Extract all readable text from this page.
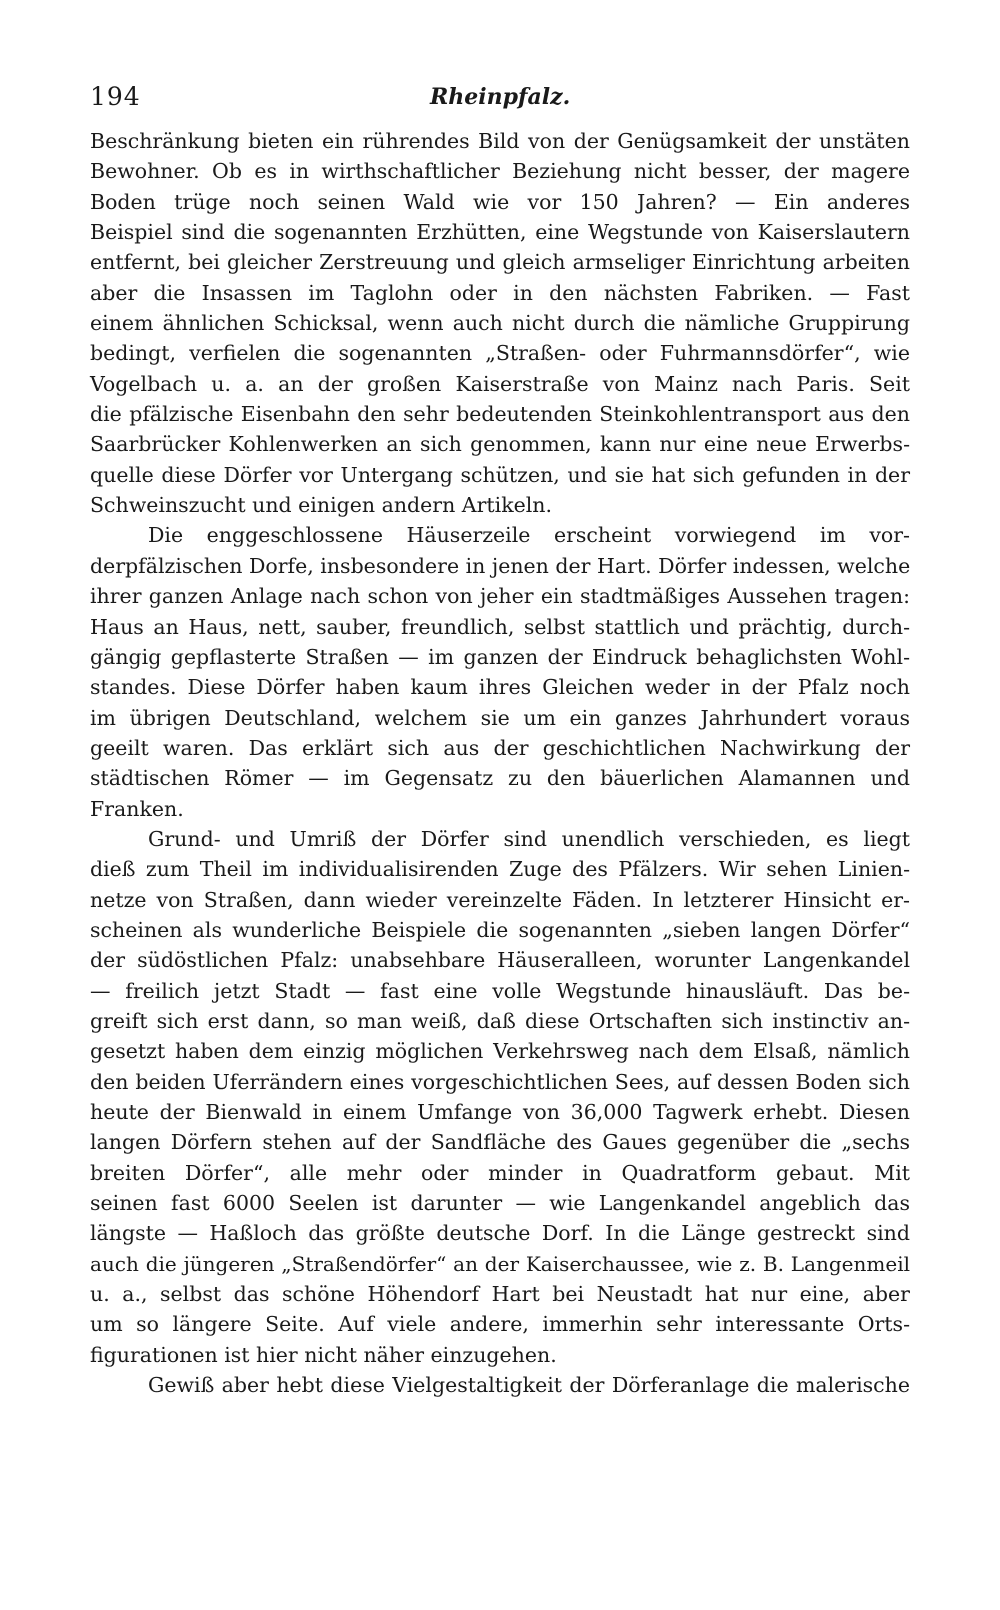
194	Rheinpfalz.
Beschränkung bieten ein rührendes Bild von der Genügsamkeit der unstäten
Bewohner. Ob es in wirthschaftlicher Beziehung nicht besser, der magere
Boden trüge noch seinen Wald wie vor 150 Jahren? — Ein anderes
Beispiel sind die sogenannten Erzhütten, eine Wegstunde von Kaiserslautern
entfernt, bei gleicher Zerstreuung und gleich armseliger Einrichtung arbeiten
aber die Insassen im Taglohn oder in den nächsten Fabriken. — Fast
einem ähnlichen Schicksal, wenn auch nicht durch die nämliche Gruppirung
bedingt, verfielen die sogenannten „Straßen- oder Fuhrmannsdörfer“, wie
Vogelbach u. a. an der großen Kaiserstraße von Mainz nach Paris. Seit
die pfälzische Eisenbahn den sehr bedeutenden Steinkohlentransport aus den
Saarbrücker Kohlenwerken an sich genommen, kann nur eine neue Erwerbs-
quelle diese Dörfer vor Untergang schützen, und sie hat sich gefunden in der
Schweinszucht und einigen andern Artikeln.
Die enggeschlossene Häuserzeile erscheint vorwiegend im vor-
derpfälzischen Dorfe, insbesondere in jenen der Hart. Dörfer indessen, welche
ihrer ganzen Anlage nach schon von jeher ein stadtmäßiges Aussehen tragen:
Haus an Haus, nett, sauber, freundlich, selbst stattlich und prächtig, durch-
gängig gepflasterte Straßen — im ganzen der Eindruck behaglichsten Wohl-
standes. Diese Dörfer haben kaum ihres Gleichen weder in der Pfalz noch
im übrigen Deutschland, welchem sie um ein ganzes Jahrhundert voraus
geeilt waren. Das erklärt sich aus der geschichtlichen Nachwirkung der
städtischen Römer — im Gegensatz zu den bäuerlichen Alamannen und
Franken.
Grund- und Umriß der Dörfer sind unendlich verschieden, es liegt
dieß zum Theil im individualisirenden Zuge des Pfälzers. Wir sehen Linien-
netze von Straßen, dann wieder vereinzelte Fäden. In letzterer Hinsicht er-
scheinen als wunderliche Beispiele die sogenannten „sieben langen Dörfer“
der südöstlichen Pfalz: unabsehbare Häuseralleen, worunter Langenkandel
— freilich jetzt Stadt — fast eine volle Wegstunde hinausläuft. Das be-
greift sich erst dann, so man weiß, daß diese Ortschaften sich instinctiv an-
gesetzt haben dem einzig möglichen Verkehrsweg nach dem Elsaß, nämlich
den beiden Uferrändern eines vorgeschichtlichen Sees, auf dessen Boden sich
heute der Bienwald in einem Umfange von 36,000 Tagwerk erhebt. Diesen
langen Dörfern stehen auf der Sandfläche des Gaues gegenüber die „sechs
breiten Dörfer“, alle mehr oder minder in Quadratform gebaut. Mit
seinen fast 6000 Seelen ist darunter — wie Langenkandel angeblich das
längste — Haßloch das größte deutsche Dorf. In die Länge gestreckt sind
auch die jüngeren „Straßendörfer“ an der Kaiserchaussee, wie z. B. Langenmeil
u. a., selbst das schöne Höhendorf Hart bei Neustadt hat nur eine, aber
um so längere Seite. Auf viele andere, immerhin sehr interessante Orts-
figurationen ist hier nicht näher einzugehen.
Gewiß aber hebt diese Vielgestaltigkeit der Dörferanlage die malerische
